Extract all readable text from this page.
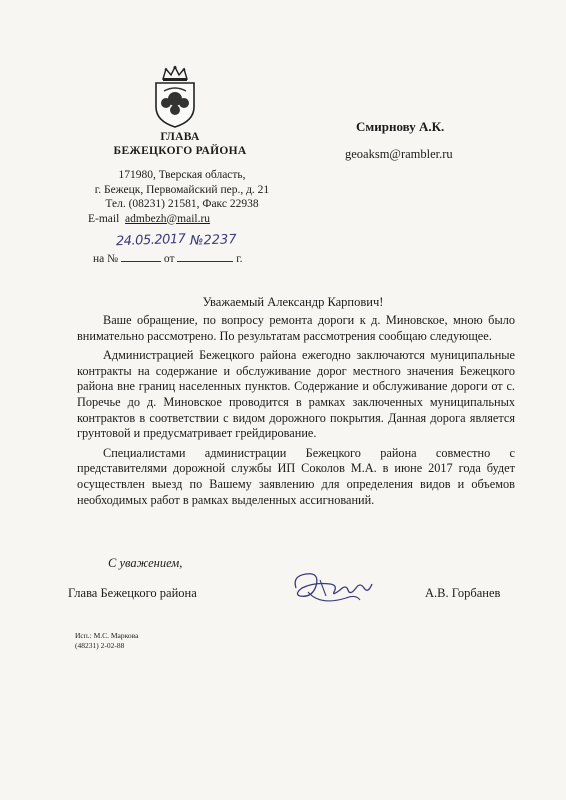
ГЛАВА
БЕЖЕЦКОГО РАЙОНА
171980, Тверская область,
г. Бежецк, Первомайский пер., д. 21
Тел. (08231) 21581, Факс 22938
E-mail admbezh@mail.ru
24.05.2017 №2237
на №	от	г.
Смирнову А.К.
geoaksm@rambler.ru
Уважаемый Александр Карпович!

Ваше обращение, по вопросу ремонта дороги к д. Миновское, мною было внимательно рассмотрено. По результатам рассмотрения сообщаю следующее.

Администрацией Бежецкого района ежегодно заключаются муниципальные контракты на содержание и обслуживание дорог местного значения Бежецкого района вне границ населенных пунктов. Содержание и обслуживание дороги от с. Поречье до д. Миновское проводится в рамках заключенных муниципальных контрактов в соответствии с видом дорожного покрытия. Данная дорога является грунтовой и предусматривает грейдирование.

Специалистами администрации Бежецкого района совместно с представителями дорожной службы ИП Соколов М.А. в июне 2017 года будет осуществлен выезд по Вашему заявлению для определения видов и объемов необходимых работ в рамках выделенных ассигнований.

С уважением,
Глава Бежецкого района	А.В. Горбанев
Исп.: М.С. Маркова
(48231) 2-02-88
